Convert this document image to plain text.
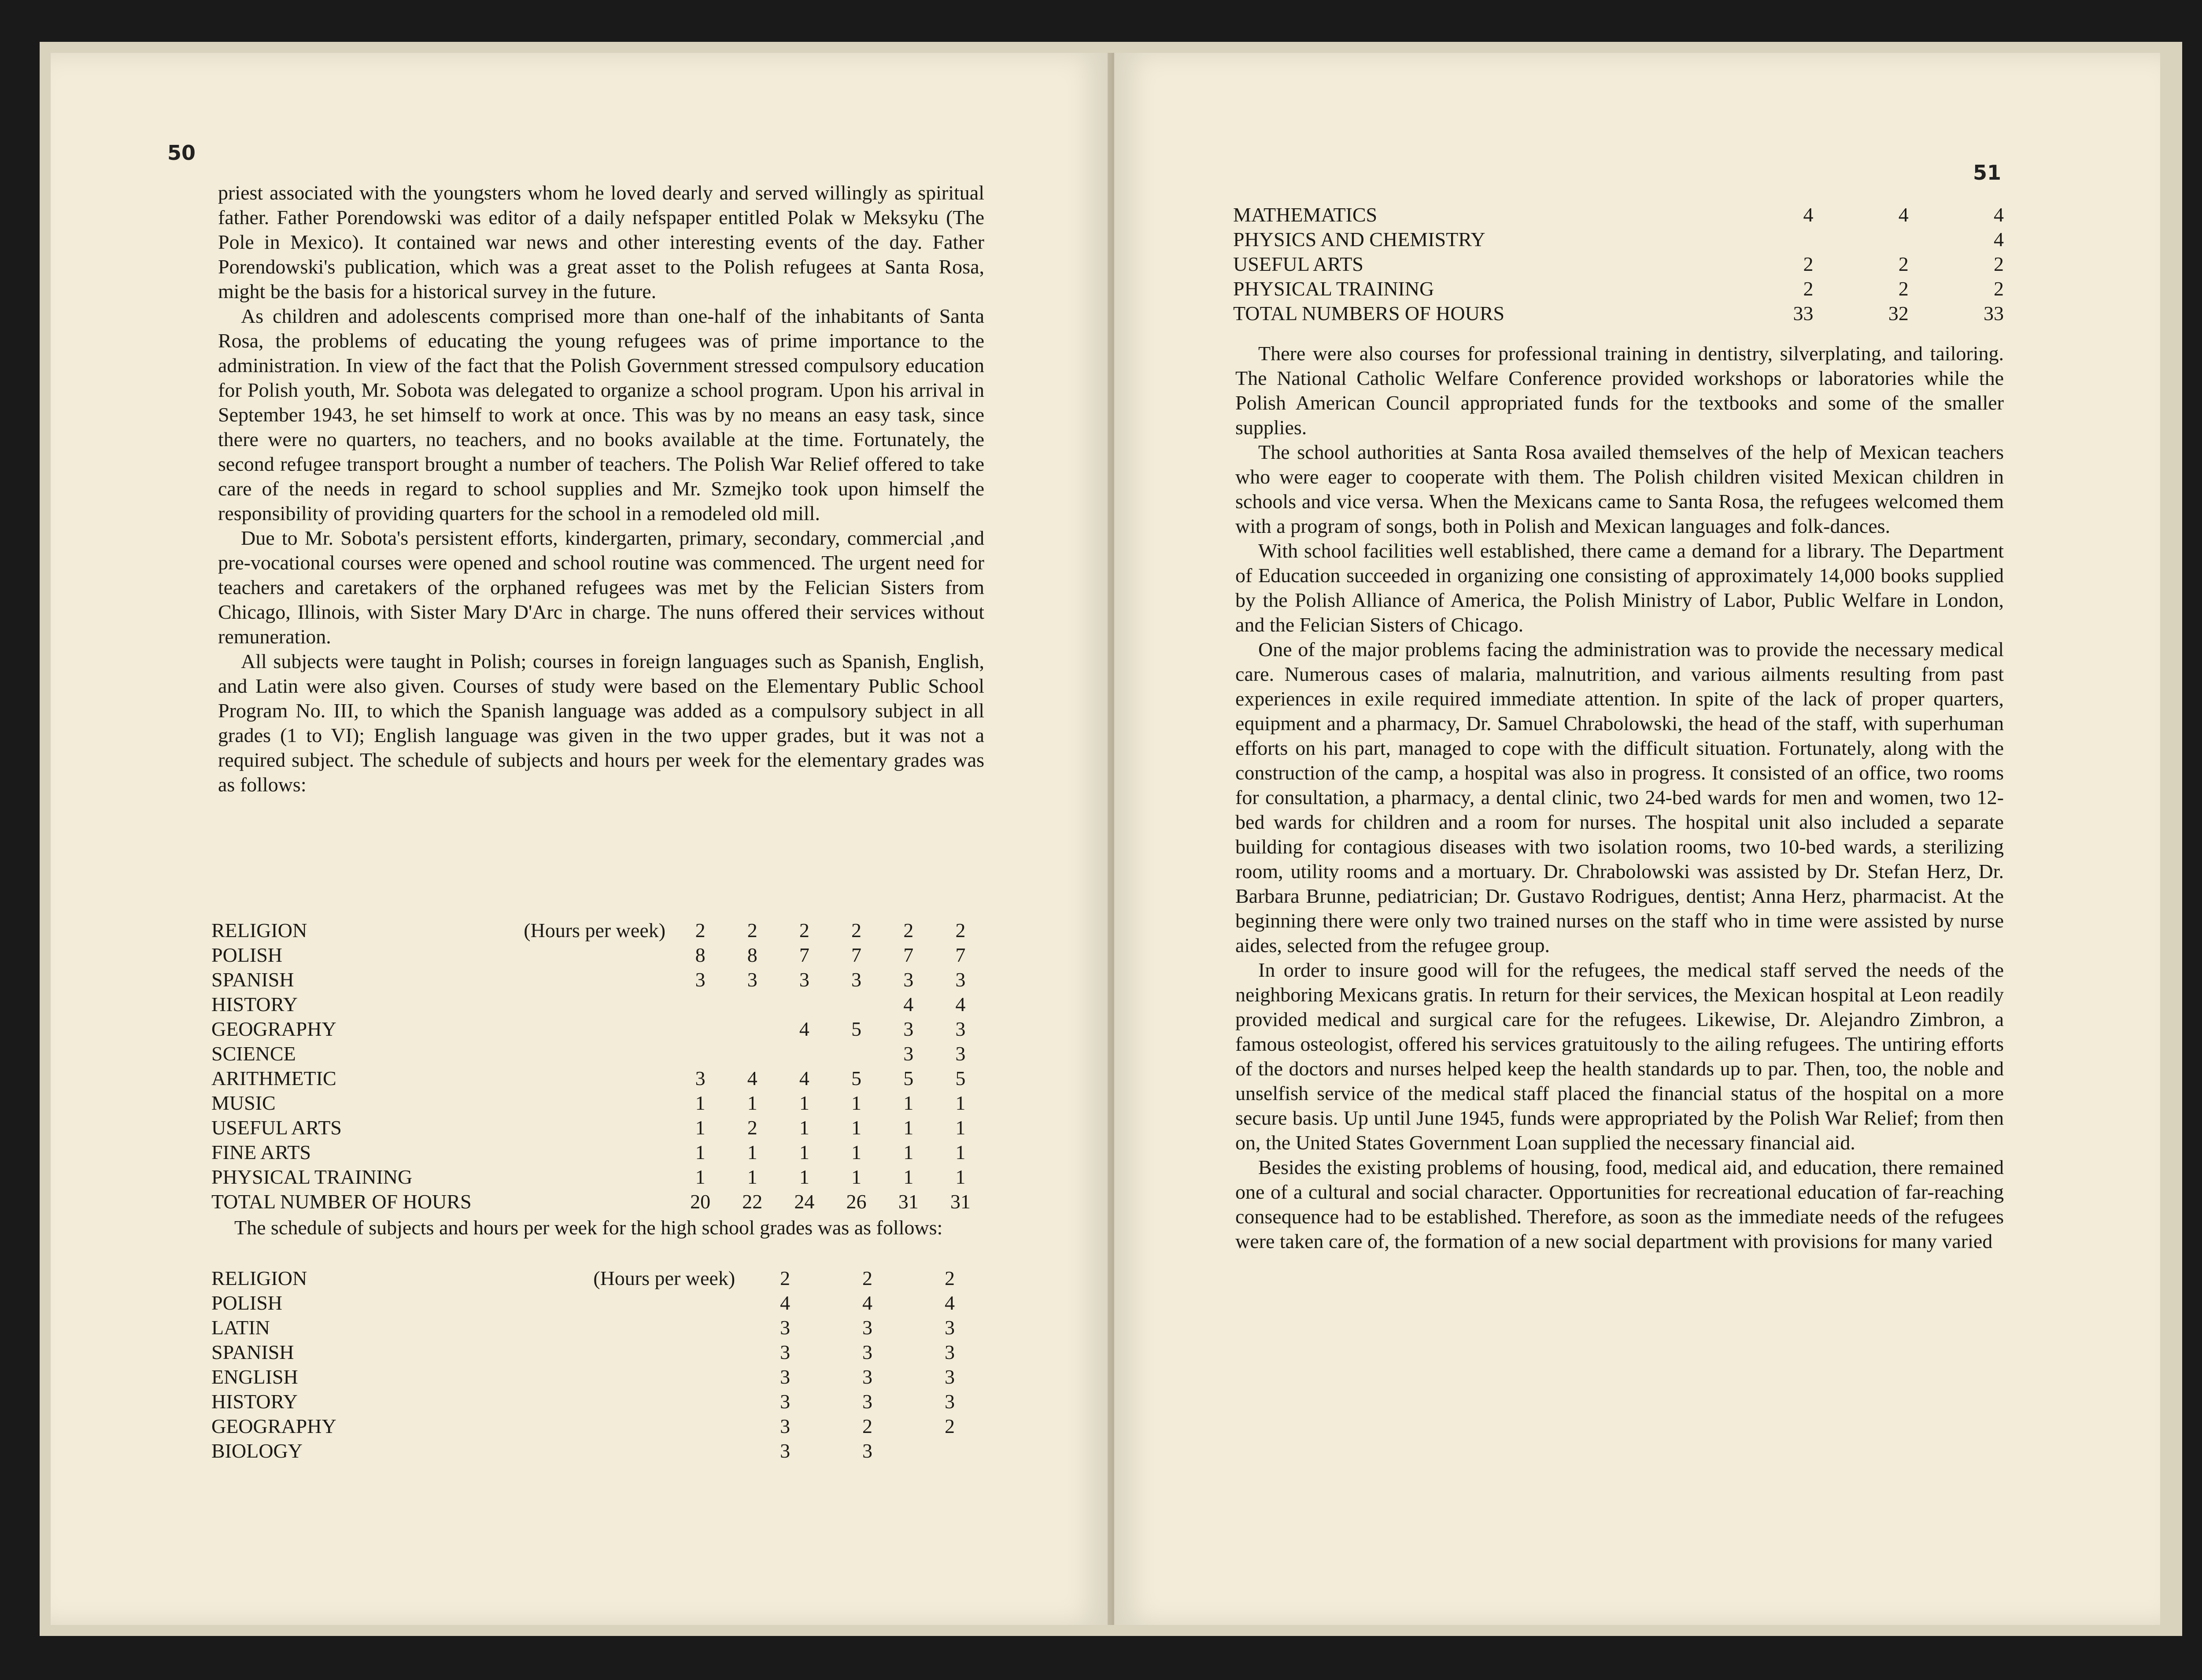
50
51

priest associated with the youngsters whom he loved dearly and served willingly as spiritual father. Father Porendowski was editor of a daily nefspaper entitled Polak w Meksyku (The Pole in Mexico). It contained war news and other interesting events of the day. Father Porendowski's publication, which was a great asset to the Polish refugees at Santa Rosa, might be the basis for a historical survey in the future.

As children and adolescents comprised more than one-half of the inhabitants of Santa Rosa, the problems of educating the young refugees was of prime importance to the administration. In view of the fact that the Polish Government stressed compulsory education for Polish youth, Mr. Sobota was delegated to organize a school program. Upon his arrival in September 1943, he set himself to work at once. This was by no means an easy task, since there were no quarters, no teachers, and no books available at the time. Fortunately, the second refugee transport brought a number of teachers. The Polish War Relief offered to take care of the needs in regard to school supplies and Mr. Szmejko took upon himself the responsibility of providing quarters for the school in a remodeled old mill.

Due to Mr. Sobota's persistent efforts, kindergarten, primary, secondary, commercial ,and pre-vocational courses were opened and school routine was commenced. The urgent need for teachers and caretakers of the orphaned refugees was met by the Felician Sisters from Chicago, Illinois, with Sister Mary D'Arc in charge. The nuns offered their services without remuneration.

All subjects were taught in Polish; courses in foreign languages such as Spanish, English, and Latin were also given. Courses of study were based on the Elementary Public School Program No. III, to which the Spanish language was added as a compulsory subject in all grades (1 to VI); English language was given in the two upper grades, but it was not a required subject. The schedule of subjects and hours per week for the elementary grades was as follows:

RELIGION	(Hours per week)	2	2	2	2	2	2
POLISH		8	8	7	7	7	7
SPANISH		3	3	3	3	3	3
HISTORY						4	4
GEOGRAPHY				4	5	3	3
SCIENCE						3	3
ARITHMETIC		3	4	4	5	5	5
MUSIC		1	1	1	1	1	1
USEFUL ARTS		1	2	1	1	1	1
FINE ARTS		1	1	1	1	1	1
PHYSICAL TRAINING		1	1	1	1	1	1
TOTAL NUMBER OF HOURS		20	22	24	26	31	31

The schedule of subjects and hours per week for the high school grades was as follows:

RELIGION	(Hours per week)	2	2	2
POLISH		4	4	4
LATIN		3	3	3
SPANISH		3	3	3
ENGLISH		3	3	3
HISTORY		3	3	3
GEOGRAPHY		3	2	2
BIOLOGY		3	3	
MATHEMATICS	4	4	4
PHYSICS AND CHEMISTRY			4
USEFUL ARTS	2	2	2
PHYSICAL TRAINING	2	2	2
TOTAL NUMBERS OF HOURS	33	32	33

There were also courses for professional training in dentistry, silverplating, and tailoring. The National Catholic Welfare Conference provided workshops or laboratories while the Polish American Council appropriated funds for the textbooks and some of the smaller supplies.

The school authorities at Santa Rosa availed themselves of the help of Mexican teachers who were eager to cooperate with them. The Polish children visited Mexican children in schools and vice versa. When the Mexicans came to Santa Rosa, the refugees welcomed them with a program of songs, both in Polish and Mexican languages and folk-dances.

With school facilities well established, there came a demand for a library. The Department of Education succeeded in organizing one consisting of approximately 14,000 books supplied by the Polish Alliance of America, the Polish Ministry of Labor, Public Welfare in London, and the Felician Sisters of Chicago.

One of the major problems facing the administration was to provide the necessary medical care. Numerous cases of malaria, malnutrition, and various ailments resulting from past experiences in exile required immediate attention. In spite of the lack of proper quarters, equipment and a pharmacy, Dr. Samuel Chrabolowski, the head of the staff, with superhuman efforts on his part, managed to cope with the difficult situation. Fortunately, along with the construction of the camp, a hospital was also in progress. It consisted of an office, two rooms for consultation, a pharmacy, a dental clinic, two 24-bed wards for men and women, two 12-bed wards for children and a room for nurses. The hospital unit also included a separate building for contagious diseases with two isolation rooms, two 10-bed wards, a sterilizing room, utility rooms and a mortuary. Dr. Chrabolowski was assisted by Dr. Stefan Herz, Dr. Barbara Brunne, pediatrician; Dr. Gustavo Rodrigues, dentist; Anna Herz, pharmacist. At the beginning there were only two trained nurses on the staff who in time were assisted by nurse aides, selected from the refugee group.

In order to insure good will for the refugees, the medical staff served the needs of the neighboring Mexicans gratis. In return for their services, the Mexican hospital at Leon readily provided medical and surgical care for the refugees. Likewise, Dr. Alejandro Zimbron, a famous osteologist, offered his services gratuitously to the ailing refugees. The untiring efforts of the doctors and nurses helped keep the health standards up to par. Then, too, the noble and unselfish service of the medical staff placed the financial status of the hospital on a more secure basis. Up until June 1945, funds were appropriated by the Polish War Relief; from then on, the United States Government Loan supplied the necessary financial aid.

Besides the existing problems of housing, food, medical aid, and education, there remained one of a cultural and social character. Opportunities for recreational education of far-reaching consequence had to be established. Therefore, as soon as the immediate needs of the refugees were taken care of, the formation of a new social department with provisions for many varied
